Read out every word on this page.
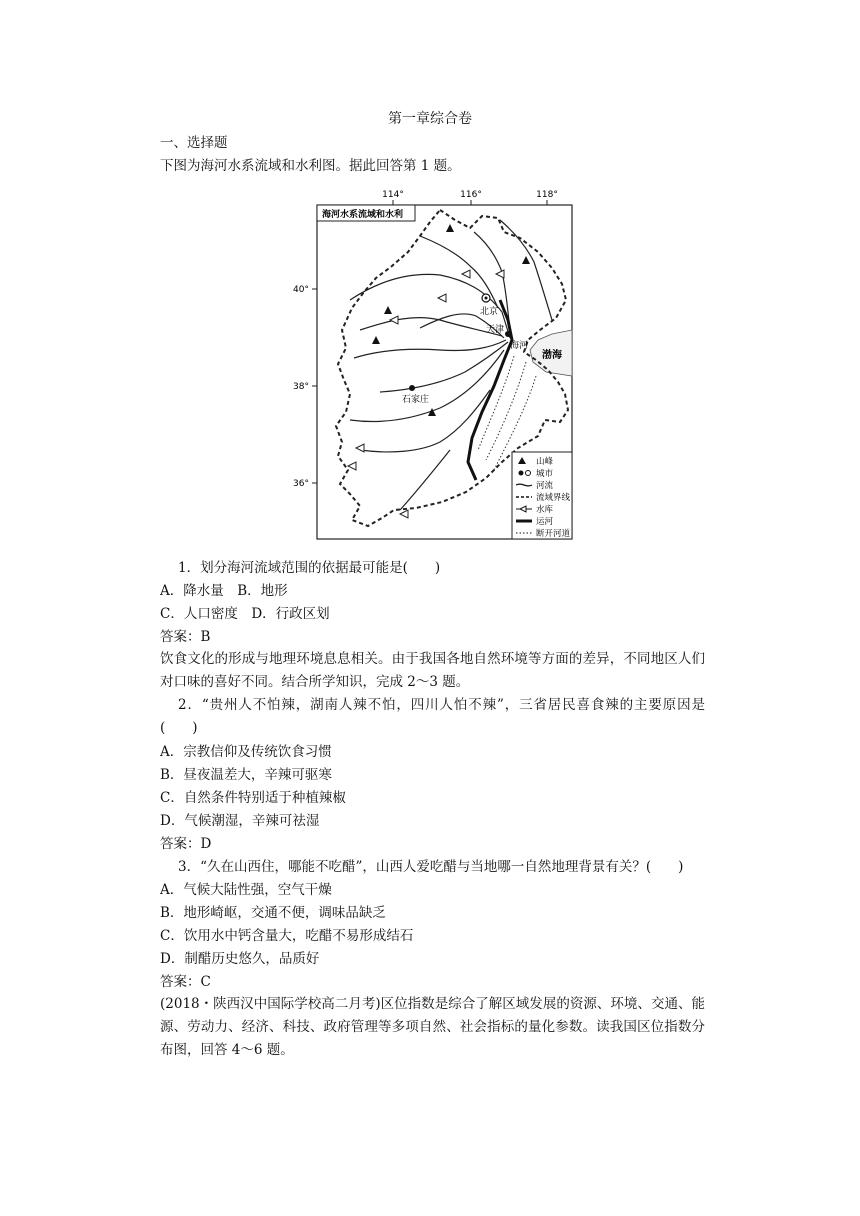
第一章综合卷
一、选择题
下图为海河水系流域和水利图。据此回答第 1 题。
114°	116°	118°
40°
38°
36°
海河水系流域和水利
渤海
北京
天津
海河
石家庄
山峰
城市
河流
流域界线
水库
运河
断开河道
1．划分海河流域范围的依据最可能是(　　)
A．降水量　B．地形
C．人口密度　D．行政区划
答案：B
饮食文化的形成与地理环境息息相关。由于我国各地自然环境等方面的差异，不同地区人们对口味的喜好不同。结合所学知识，完成 2～3 题。
2．“贵州人不怕辣，湖南人辣不怕，四川人怕不辣”，三省居民喜食辣的主要原因是(　　)
A．宗教信仰及传统饮食习惯
B．昼夜温差大，辛辣可驱寒
C．自然条件特别适于种植辣椒
D．气候潮湿，辛辣可祛湿
答案：D
3．“久在山西住，哪能不吃醋”，山西人爱吃醋与当地哪一自然地理背景有关？(　　)
A．气候大陆性强，空气干燥
B．地形崎岖，交通不便，调味品缺乏
C．饮用水中钙含量大，吃醋不易形成结石
D．制醋历史悠久，品质好
答案：C
(2018・陕西汉中国际学校高二月考)区位指数是综合了解区域发展的资源、环境、交通、能源、劳动力、经济、科技、政府管理等多项自然、社会指标的量化参数。读我国区位指数分布图，回答 4～6 题。
